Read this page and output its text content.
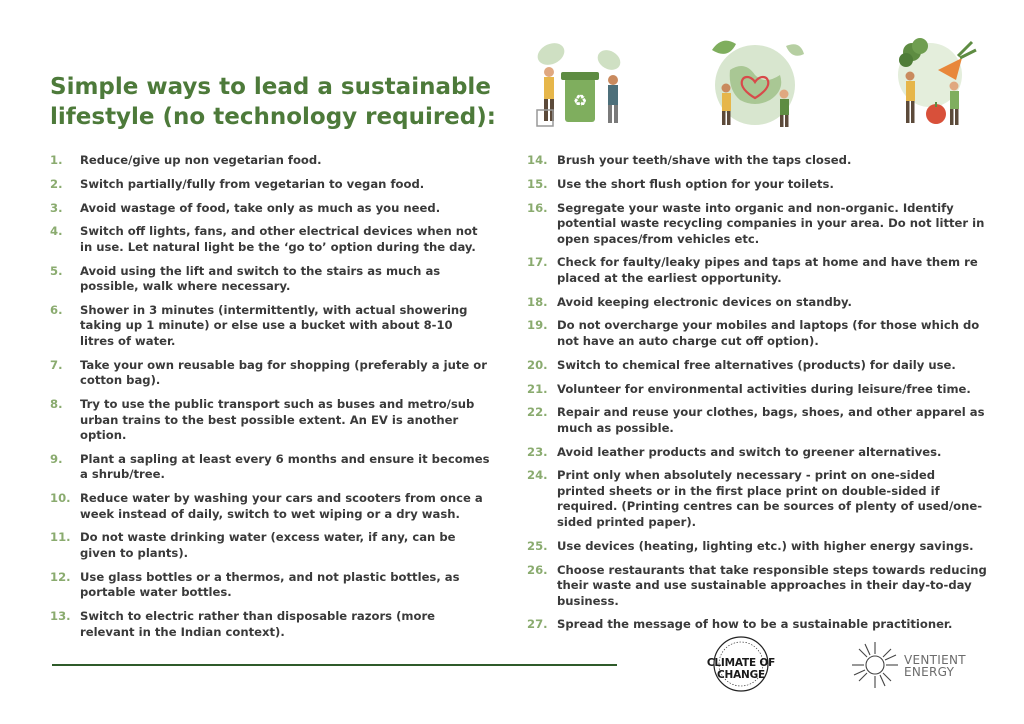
Simple ways to lead a sustainable lifestyle (no technology required):
♻
1.	Reduce/give up non vegetarian food.
2.	Switch partially/fully from vegetarian to vegan food.
3.	Avoid wastage of food, take only as much as you need.
4.	Switch off lights, fans, and other electrical devices when not in use. Let natural light be the ‘go to’ option during the day.
5.	Avoid using the lift and switch to the stairs as much as possible, walk where necessary.
6.	Shower in 3 minutes (intermittently, with actual showering taking up 1 minute) or else use a bucket with about 8-10 litres of water.
7.	Take your own reusable bag for shopping (preferably a jute or cotton bag).
8.	Try to use the public transport such as buses and metro/sub urban trains to the best possible extent. An EV is another option.
9.	Plant a sapling at least every 6 months and ensure it becomes a shrub/tree.
10. Reduce water by washing your cars and scooters from once a week instead of daily, switch to wet wiping or a dry wash.
11. Do not waste drinking water (excess water, if any, can be given to plants).
12. Use glass bottles or a thermos, and not plastic bottles, as portable water bottles.
13. Switch to electric rather than disposable razors (more relevant in the Indian context).
14. Brush your teeth/shave with the taps closed.
15. Use the short flush option for your toilets.
16. Segregate your waste into organic and non-organic. Identify potential waste recycling companies in your area. Do not litter in open spaces/from vehicles etc.
17. Check for faulty/leaky pipes and taps at home and have them re placed at the earliest opportunity.
18. Avoid keeping electronic devices on standby.
19. Do not overcharge your mobiles and laptops (for those which do not have an auto charge cut off option).
20. Switch to chemical free alternatives (products) for daily use.
21. Volunteer for environmental activities during leisure/free time.
22. Repair and reuse your clothes, bags, shoes, and other apparel as much as possible.
23. Avoid leather products and switch to greener alternatives.
24. Print only when absolutely necessary - print on one-sided printed sheets or in the first place print on double-sided if required. (Printing centres can be sources of plenty of used/one-sided printed paper).
25. Use devices (heating, lighting etc.) with higher energy savings.
26. Choose restaurants that take responsible steps towards reducing their waste and use sustainable approaches in their day-to-day business.
27. Spread the message of how to be a sustainable practitioner.
CLIMATE OF CHANGE
VENTIENT
ENERGY
